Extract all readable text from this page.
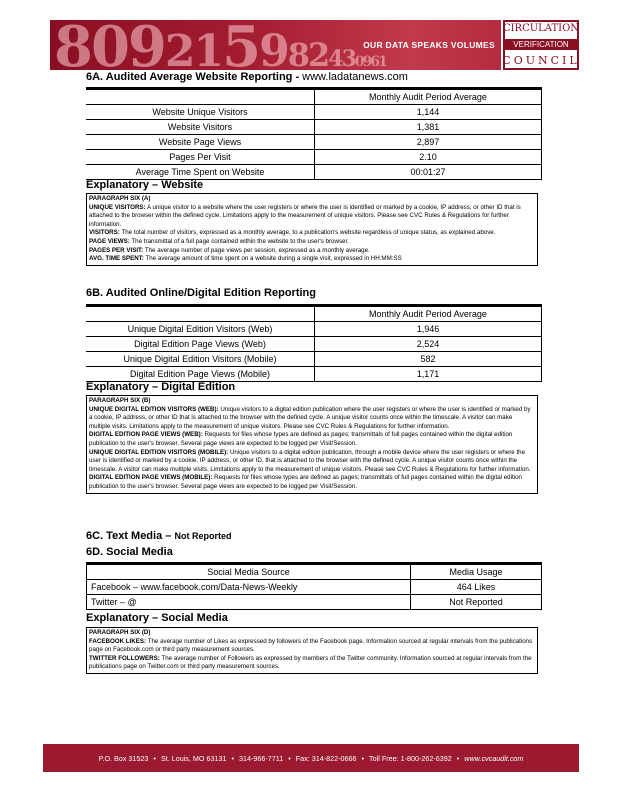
809215982430961
OUR DATA SPEAKS VOLUMES
CIRCULATION
VERIFICATION
COUNCIL
6A. Audited Average Website Reporting - www.ladatanews.com
	Monthly Audit Period Average
Website Unique Visitors	1,144
Website Visitors	1,381
Website Page Views	2,897
Pages Per Visit	2.10
Average Time Spent on Website	00:01:27
Explanatory – Website
PARAGRAPH SIX (A)
UNIQUE VISITORS: A unique visitor to a website where the user registers or where the user is identified or marked by a cookie, IP address, or other ID that is attached to the browser within the defined cycle. Limitations apply to the measurement of unique visitors. Please see CVC Rules & Regulations for further information.
VISITORS: The total number of visitors, expressed as a monthly average, to a publication's website regardless of unique status, as explained above.
PAGE VIEWS: The transmittal of a full page contained within the website to the user's browser.
PAGES PER VISIT: The average number of page views per session, expressed as a monthly average.
AVG. TIME SPENT: The average amount of time spent on a website during a single visit, expressed in HH:MM:SS
6B. Audited Online/Digital Edition Reporting
	Monthly Audit Period Average
Unique Digital Edition Visitors (Web)	1,946
Digital Edition Page Views (Web)	2,524
Unique Digital Edition Visitors (Mobile)	582
Digital Edition Page Views (Mobile)	1,171
Explanatory – Digital Edition
PARAGRAPH SIX (B)
UNIQUE DIGITAL EDITION VISITORS (WEB): Unique visitors to a digital edition publication where the user registers or where the user is identified or marked by a cookie, IP address, or other ID that is attached to the browser with the defined cycle. A unique visitor counts once within the timescale. A visitor can make multiple visits. Limitations apply to the measurement of unique visitors. Please see CVC Rules & Regulations for further information.
DIGITAL EDITION PAGE VIEWS (WEB): Requests for files whose types are defined as pages; transmittals of full pages contained within the digital edition publication to the user's browser. Several page views are expected to be logged per Visit/Session.
UNIQUE DIGITAL EDITION VISITORS (MOBILE): Unique visitors to a digital edition publication, through a mobile device where the user registers or where the user is identified or marked by a cookie, IP address, or other ID, that is attached to the browser with the defined cycle. A unique visitor counts once within the timescale. A visitor can make multiple visits. Limitations apply to the measurement of unique visitors. Please see CVC Rules & Regulations for further information.
DIGITAL EDITION PAGE VIEWS (MOBILE): Requests for files whose types are defined as pages; transmittals of full pages contained within the digital edition publication to the user's browser. Several page views are expected to be logged per Visit/Session.
6C. Text Media – Not Reported
6D. Social Media
Social Media Source	Media Usage
Facebook – www.facebook.com/Data-News-Weekly	464 Likes
Twitter – @	Not Reported
Explanatory – Social Media
PARAGRAPH SIX (D)
FACEBOOK LIKES: The average number of Likes as expressed by followers of the Facebook page. Information sourced at regular intervals from the publications page on Facebook.com or third party measurement sources.
TWITTER FOLLOWERS: The average number of Followers as expressed by members of the Twitter community. Information sourced at regular intervals from the publications page on Twitter.com or third party measurement sources.
P.O. Box 31523 • St. Louis, MO 63131 • 314-966-7711 • Fax: 314-822-0666 • Toll Free: 1-800-262-6392 • www.cvcaudit.com
